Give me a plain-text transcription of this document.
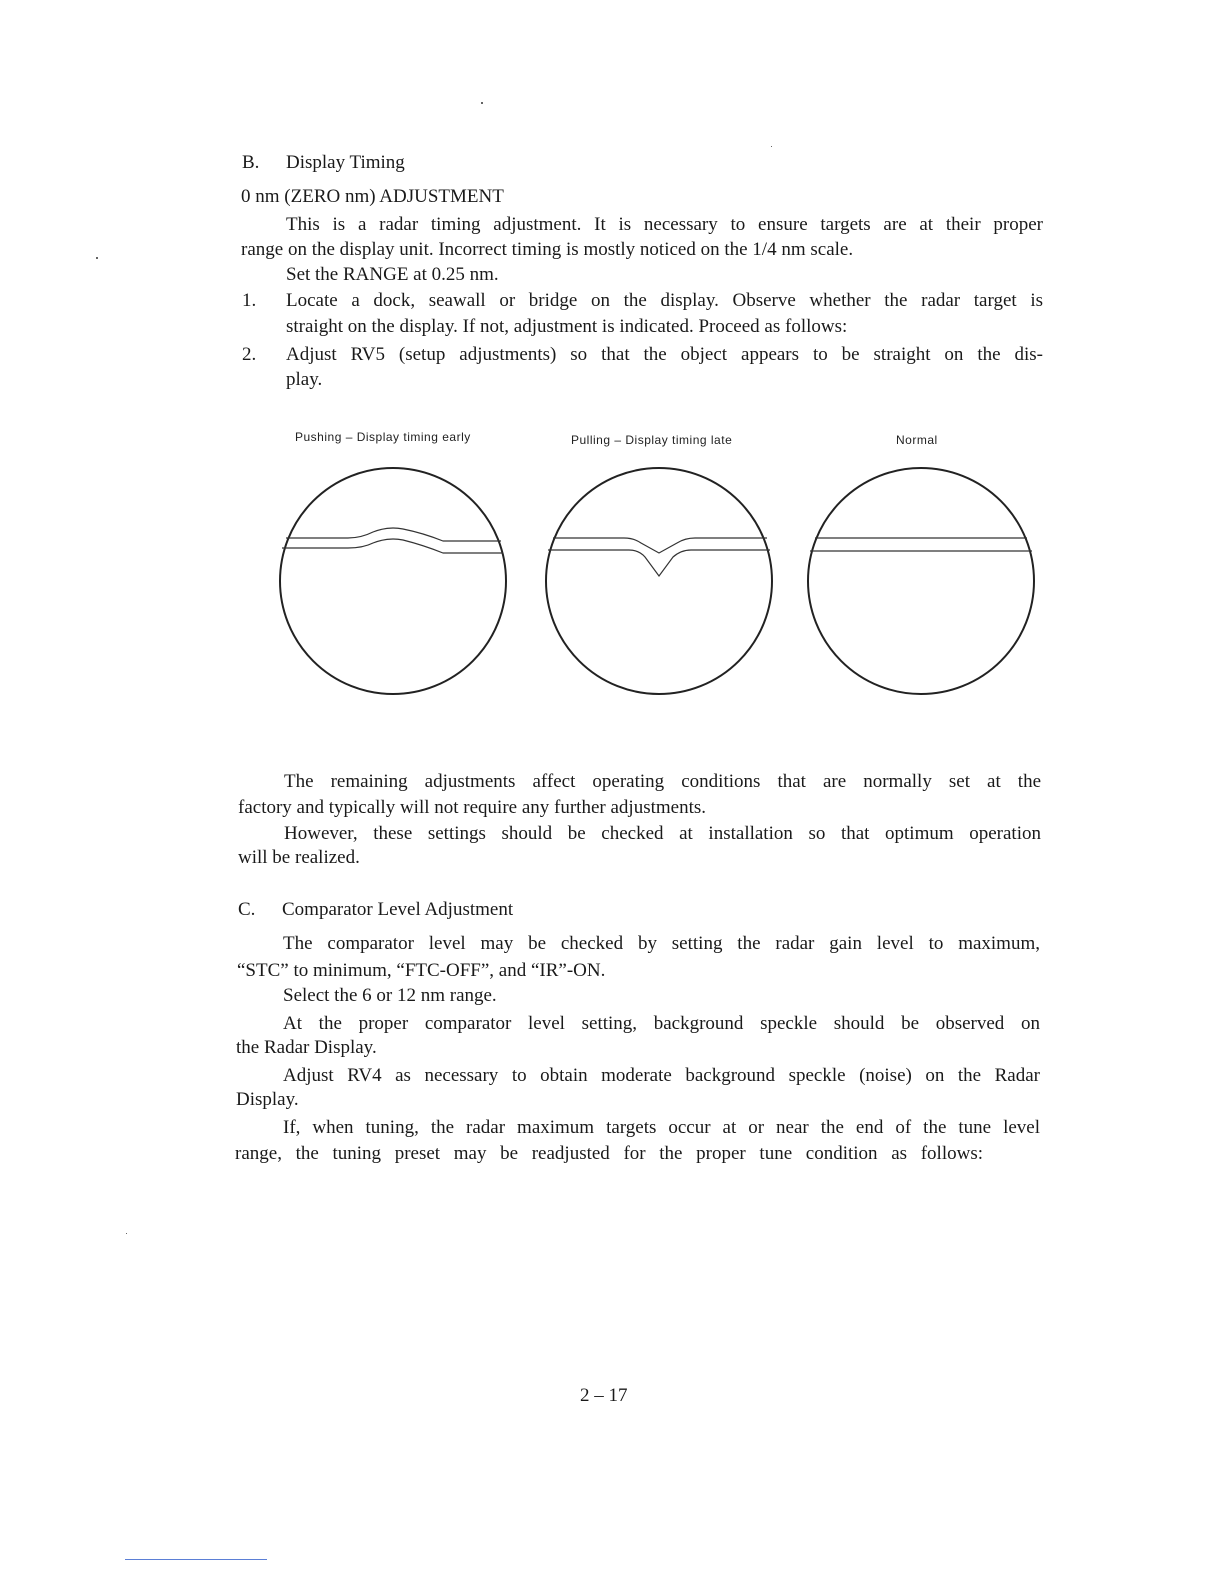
B. Display Timing
0 nm (ZERO nm) ADJUSTMENT
This is a radar timing adjustment. It is necessary to ensure targets are at their proper
range on the display unit. Incorrect timing is mostly noticed on the 1/4 nm scale.
Set the RANGE at 0.25 nm.
1. Locate a dock, seawall or bridge on the display. Observe whether the radar target is
straight on the display. If not, adjustment is indicated. Proceed as follows:
2. Adjust RV5 (setup adjustments) so that the object appears to be straight on the dis-
play.
Pushing – Display timing early	Pulling – Display timing late	Normal
The remaining adjustments affect operating conditions that are normally set at the
factory and typically will not require any further adjustments.
However, these settings should be checked at installation so that optimum operation
will be realized.
C. Comparator Level Adjustment
The comparator level may be checked by setting the radar gain level to maximum,
“STC” to minimum, “FTC-OFF”, and “IR”-ON.
Select the 6 or 12 nm range.
At the proper comparator level setting, background speckle should be observed on
the Radar Display.
Adjust RV4 as necessary to obtain moderate background speckle (noise) on the Radar
Display.
If, when tuning, the radar maximum targets occur at or near the end of the tune level
range, the tuning preset may be readjusted for the proper tune condition as follows:
2 – 17
